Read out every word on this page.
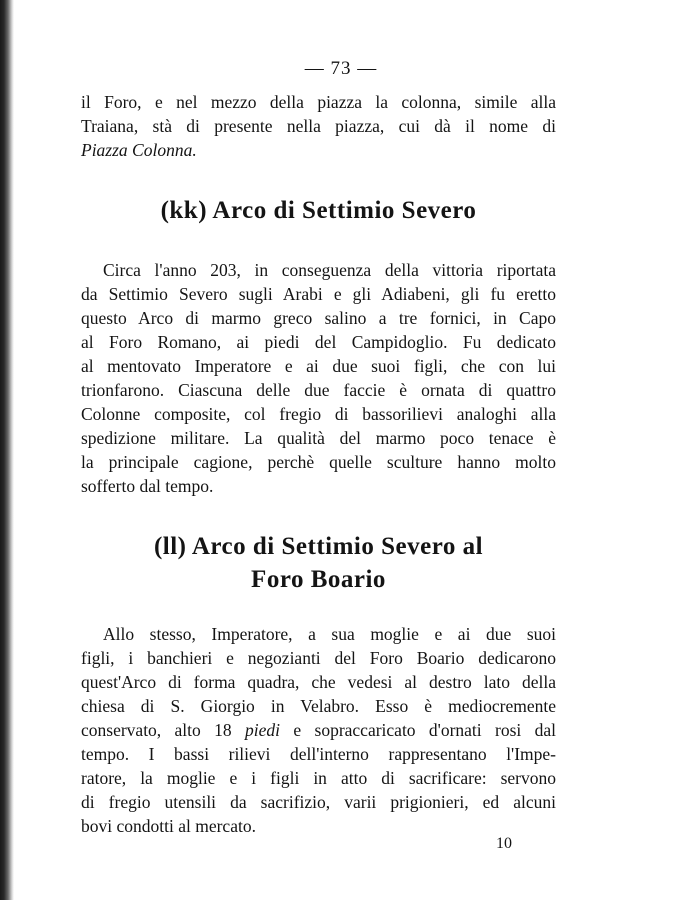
— 73 —
il Foro, e nel mezzo della piazza la colonna, simile alla
Traiana, stà di presente nella piazza, cui dà il nome di
Piazza Colonna.
(kk) Arco di Settimio Severo
Circa l'anno 203, in conseguenza della vittoria riportata
da Settimio Severo sugli Arabi e gli Adiabeni, gli fu eretto
questo Arco di marmo greco salino a tre fornici, in Capo
al Foro Romano, ai piedi del Campidoglio. Fu dedicato
al mentovato Imperatore e ai due suoi figli, che con lui
trionfarono. Ciascuna delle due faccie è ornata di quattro
Colonne composite, col fregio di bassorilievi analoghi alla
spedizione militare. La qualità del marmo poco tenace è
la principale cagione, perchè quelle sculture hanno molto
sofferto dal tempo.
(ll) Arco di Settimio Severo al
Foro Boario
Allo stesso, Imperatore, a sua moglie e ai due suoi
figli, i banchieri e negozianti del Foro Boario dedicarono
quest'Arco di forma quadra, che vedesi al destro lato della
chiesa di S. Giorgio in Velabro. Esso è mediocremente
conservato, alto 18 piedi e sopraccaricato d'ornati rosi dal
tempo. I bassi rilievi dell'interno rappresentano l'Impe-
ratore, la moglie e i figli in atto di sacrificare: servono
di fregio utensili da sacrifizio, varii prigionieri, ed alcuni
bovi condotti al mercato.
10
